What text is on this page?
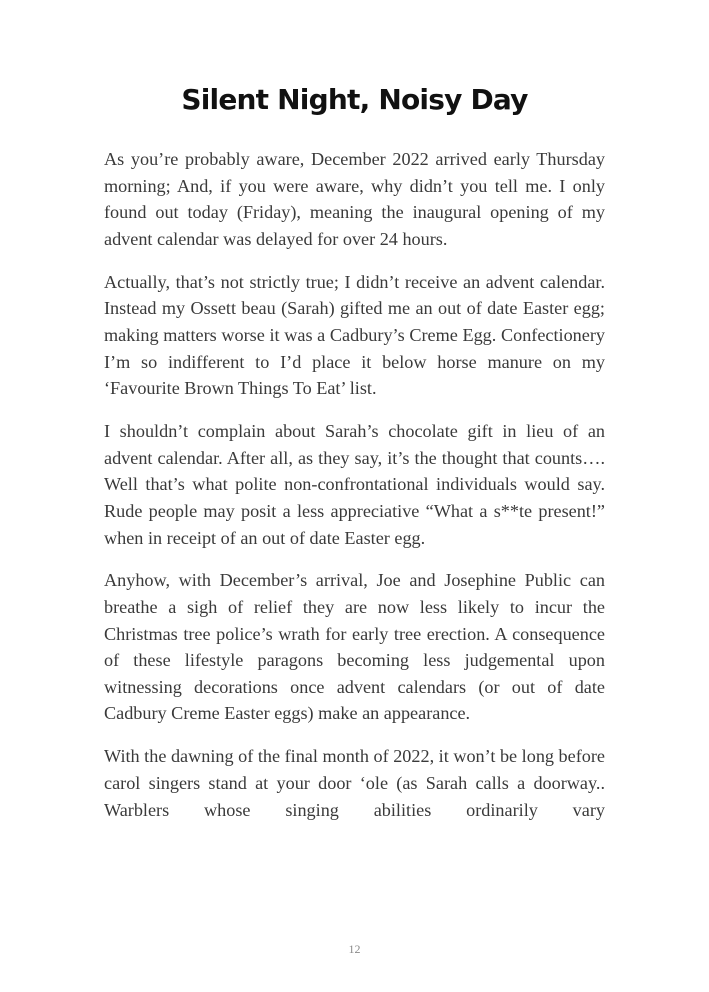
Silent Night, Noisy Day

As you’re probably aware, December 2022 arrived early Thursday morning; And, if you were aware, why didn’t you tell me. I only found out today (Friday), meaning the inaugural opening of my advent calendar was delayed for over 24 hours.

Actually, that’s not strictly true; I didn’t receive an advent calendar. Instead my Ossett beau (Sarah) gifted me an out of date Easter egg; making matters worse it was a Cadbury’s Creme Egg. Confectionery I’m so indifferent to I’d place it below horse manure on my ‘Favourite Brown Things To Eat’ list.

I shouldn’t complain about Sarah’s chocolate gift in lieu of an advent calendar. After all, as they say, it’s the thought that counts…. Well that’s what polite non-confrontational individuals would say. Rude people may posit a less appreciative “What a s**te present!” when in receipt of an out of date Easter egg.

Anyhow, with December’s arrival, Joe and Josephine Public can breathe a sigh of relief they are now less likely to incur the Christmas tree police’s wrath for early tree erection. A consequence of these lifestyle paragons becoming less judgemental upon witnessing decorations once advent calendars (or out of date Cadbury Creme Easter eggs) make an appearance.

With the dawning of the final month of 2022, it won’t be long before carol singers stand at your door ‘ole (as Sarah calls a doorway.. Warblers whose singing abilities ordinarily vary

12
